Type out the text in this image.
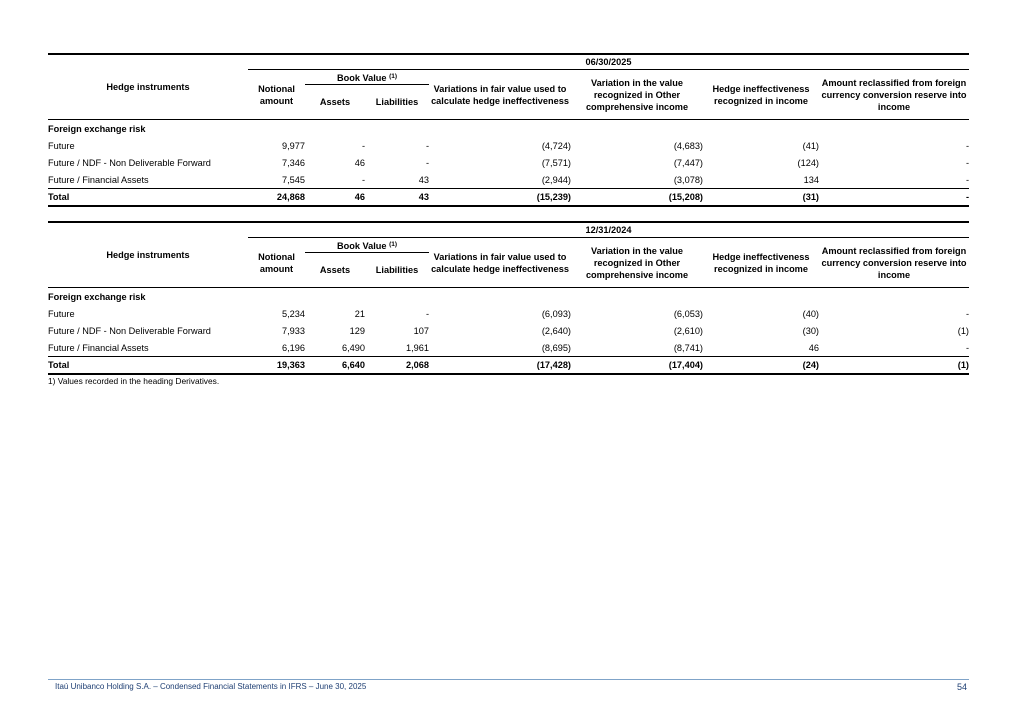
Hedge instruments	06/30/2025						
	Notional amount	Book Value $^{(1)}$		Variations in fair value used to calculate hedge ineffectiveness	Variation in the value recognized in Other comprehensive income	Hedge ineffectiveness recognized in income	Amount reclassified from foreign currency conversion reserve into income
		Assets	Liabilities				
Foreign exchange risk							
Future	9,977	-	-	(4,724)	(4,683)	(41)	-
Future / NDF - Non Deliverable Forward	7,346	46	-	(7,571)	(7,447)	(124)	-
Future / Financial Assets	7,545	-	43	(2,944)	(3,078)	134	-
Total	24,868	46	43	(15,239)	(15,208)	(31)	-

Hedge instruments	12/31/2024						
	Notional amount	Book Value $^{(1)}$		Variations in fair value used to calculate hedge ineffectiveness	Variation in the value recognized in Other comprehensive income	Hedge ineffectiveness recognized in income	Amount reclassified from foreign currency conversion reserve into income
		Assets	Liabilities				
Foreign exchange risk							
Future	5,234	21	-	(6,093)	(6,053)	(40)	-
Future / NDF - Non Deliverable Forward	7,933	129	107	(2,640)	(2,610)	(30)	(1)
Future / Financial Assets	6,196	6,490	1,961	(8,695)	(8,741)	46	-
Total	19,363	6,640	2,068	(17,428)	(17,404)	(24)	(1)
1) Values recorded in the heading Derivatives.
Itaú Unibanco Holding S.A. – Condensed Financial Statements in IFRS – June 30, 2025	54
